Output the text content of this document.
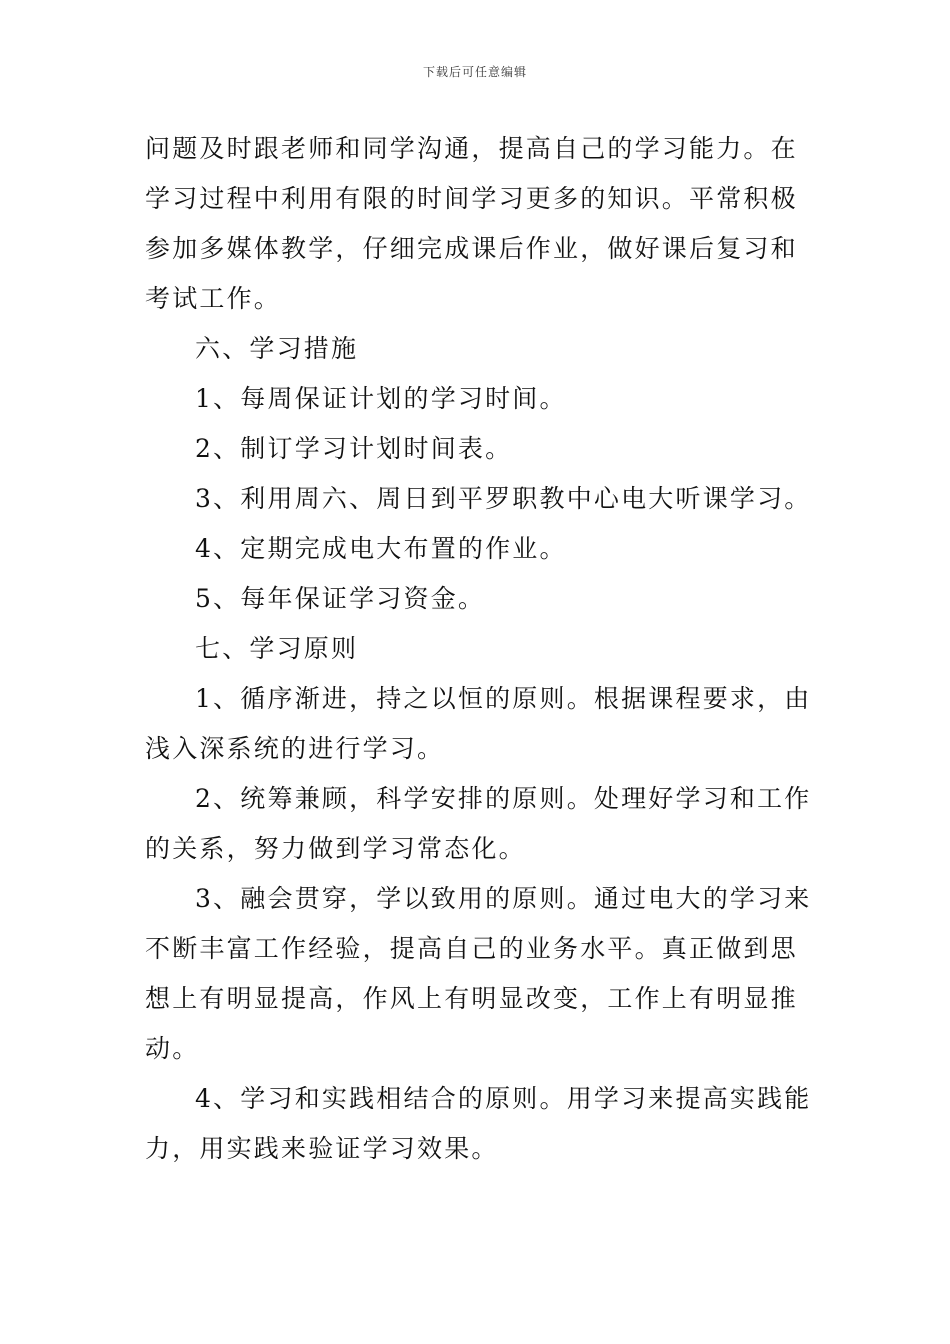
下载后可任意编辑

问题及时跟老师和同学沟通，提高自己的学习能力。在学习过程中利用有限的时间学习更多的知识。平常积极参加多媒体教学，仔细完成课后作业，做好课后复习和考试工作。

六、学习措施

1、每周保证计划的学习时间。

2、制订学习计划时间表。

3、利用周六、周日到平罗职教中心电大听课学习。

4、定期完成电大布置的作业。

5、每年保证学习资金。

七、学习原则

1、循序渐进，持之以恒的原则。根据课程要求，由浅入深系统的进行学习。

2、统筹兼顾，科学安排的原则。处理好学习和工作的关系，努力做到学习常态化。

3、融会贯穿，学以致用的原则。通过电大的学习来不断丰富工作经验，提高自己的业务水平。真正做到思想上有明显提高，作风上有明显改变，工作上有明显推动。

4、学习和实践相结合的原则。用学习来提高实践能力，用实践来验证学习效果。
